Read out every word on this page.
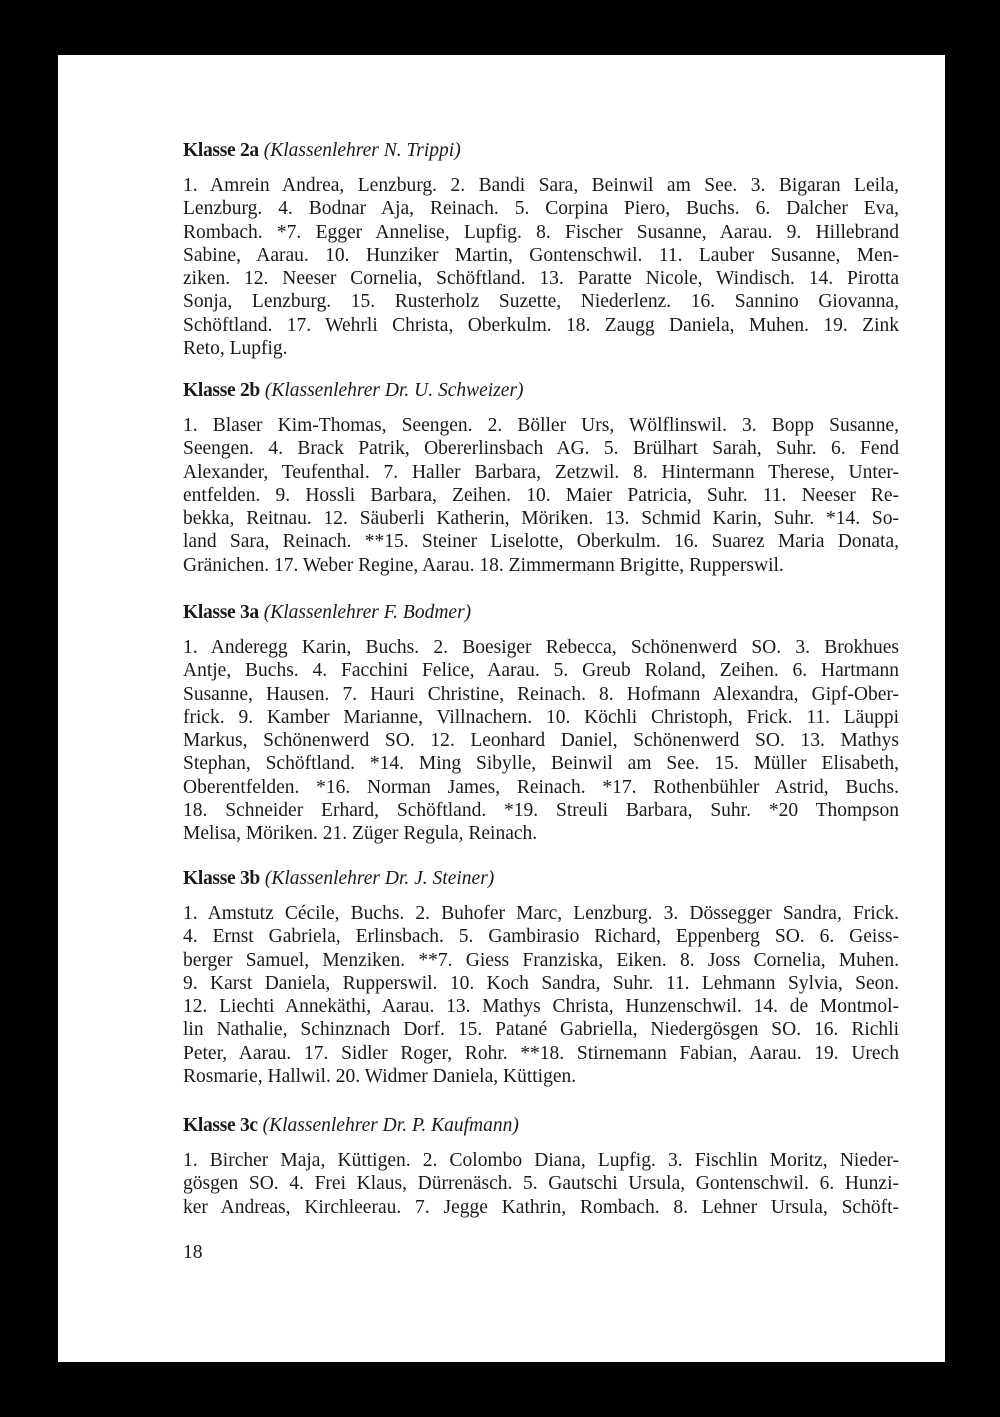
18
Klasse 2a (Klassenlehrer N. Trippi)
1. Amrein Andrea, Lenzburg. 2. Bandi Sara, Beinwil am See. 3. Bigaran Leila,
Lenzburg. 4. Bodnar Aja, Reinach. 5. Corpina Piero, Buchs. 6. Dalcher Eva,
Rombach. *7. Egger Annelise, Lupfig. 8. Fischer Susanne, Aarau. 9. Hillebrand
Sabine, Aarau. 10. Hunziker Martin, Gontenschwil. 11. Lauber Susanne, Men-
ziken. 12. Neeser Cornelia, Schöftland. 13. Paratte Nicole, Windisch. 14. Pirotta
Sonja, Lenzburg. 15. Rusterholz Suzette, Niederlenz. 16. Sannino Giovanna,
Schöftland. 17. Wehrli Christa, Oberkulm. 18. Zaugg Daniela, Muhen. 19. Zink
Reto, Lupfig.
Klasse 2b (Klassenlehrer Dr. U. Schweizer)
1. Blaser Kim-Thomas, Seengen. 2. Böller Urs, Wölflinswil. 3. Bopp Susanne,
Seengen. 4. Brack Patrik, Obererlinsbach AG. 5. Brülhart Sarah, Suhr. 6. Fend
Alexander, Teufenthal. 7. Haller Barbara, Zetzwil. 8. Hintermann Therese, Unter-
entfelden. 9. Hossli Barbara, Zeihen. 10. Maier Patricia, Suhr. 11. Neeser Re-
bekka, Reitnau. 12. Säuberli Katherin, Möriken. 13. Schmid Karin, Suhr. *14. So-
land Sara, Reinach. **15. Steiner Liselotte, Oberkulm. 16. Suarez Maria Donata,
Gränichen. 17. Weber Regine, Aarau. 18. Zimmermann Brigitte, Rupperswil.
Klasse 3a (Klassenlehrer F. Bodmer)
1. Anderegg Karin, Buchs. 2. Boesiger Rebecca, Schönenwerd SO. 3. Brokhues
Antje, Buchs. 4. Facchini Felice, Aarau. 5. Greub Roland, Zeihen. 6. Hartmann
Susanne, Hausen. 7. Hauri Christine, Reinach. 8. Hofmann Alexandra, Gipf-Ober-
frick. 9. Kamber Marianne, Villnachern. 10. Köchli Christoph, Frick. 11. Läuppi
Markus, Schönenwerd SO. 12. Leonhard Daniel, Schönenwerd SO. 13. Mathys
Stephan, Schöftland. *14. Ming Sibylle, Beinwil am See. 15. Müller Elisabeth,
Oberentfelden. *16. Norman James, Reinach. *17. Rothenbühler Astrid, Buchs.
18. Schneider Erhard, Schöftland. *19. Streuli Barbara, Suhr. *20 Thompson
Melisa, Möriken. 21. Züger Regula, Reinach.
Klasse 3b (Klassenlehrer Dr. J. Steiner)
1. Amstutz Cécile, Buchs. 2. Buhofer Marc, Lenzburg. 3. Dössegger Sandra, Frick.
4. Ernst Gabriela, Erlinsbach. 5. Gambirasio Richard, Eppenberg SO. 6. Geiss-
berger Samuel, Menziken. **7. Giess Franziska, Eiken. 8. Joss Cornelia, Muhen.
9. Karst Daniela, Rupperswil. 10. Koch Sandra, Suhr. 11. Lehmann Sylvia, Seon.
12. Liechti Annekäthi, Aarau. 13. Mathys Christa, Hunzenschwil. 14. de Montmol-
lin Nathalie, Schinznach Dorf. 15. Patané Gabriella, Niedergösgen SO. 16. Richli
Peter, Aarau. 17. Sidler Roger, Rohr. **18. Stirnemann Fabian, Aarau. 19. Urech
Rosmarie, Hallwil. 20. Widmer Daniela, Küttigen.
Klasse 3c (Klassenlehrer Dr. P. Kaufmann)
1. Bircher Maja, Küttigen. 2. Colombo Diana, Lupfig. 3. Fischlin Moritz, Nieder-
gösgen SO. 4. Frei Klaus, Dürrenäsch. 5. Gautschi Ursula, Gontenschwil. 6. Hunzi-
ker Andreas, Kirchleerau. 7. Jegge Kathrin, Rombach. 8. Lehner Ursula, Schöft-
